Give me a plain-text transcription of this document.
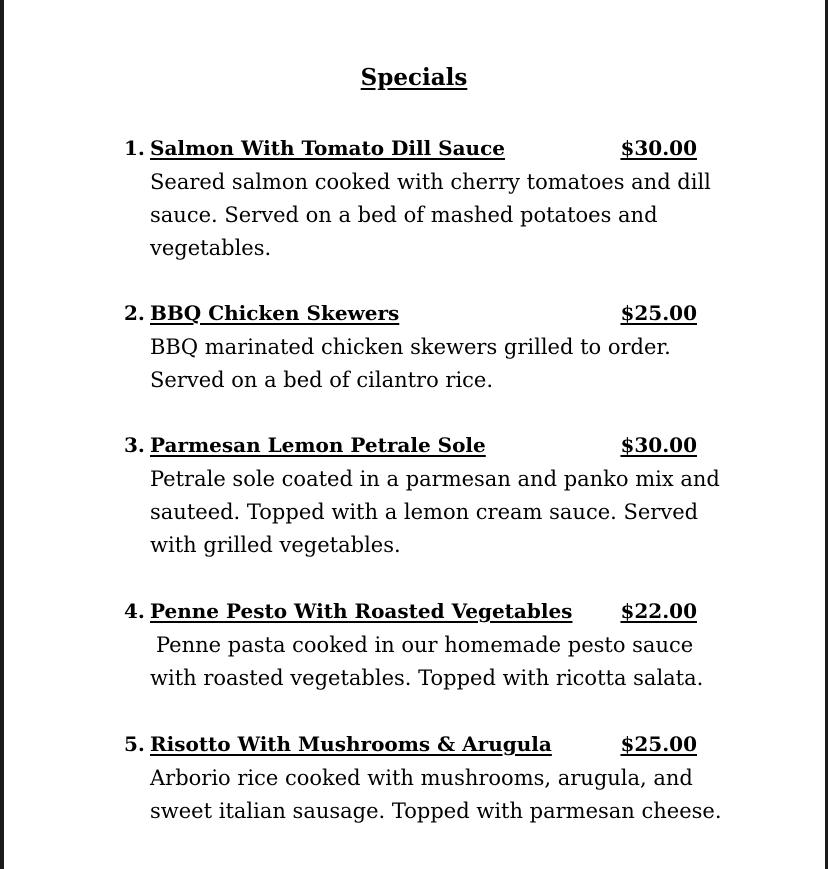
Specials
1. Salmon With Tomato Dill Sauce	$30.00
Seared salmon cooked with cherry tomatoes and dill sauce. Served on a bed of mashed potatoes and vegetables.
2. BBQ Chicken Skewers	$25.00
BBQ marinated chicken skewers grilled to order. Served on a bed of cilantro rice.
3. Parmesan Lemon Petrale Sole	$30.00
Petrale sole coated in a parmesan and panko mix and sauteed. Topped with a lemon cream sauce. Served with grilled vegetables.
4. Penne Pesto With Roasted Vegetables $22.00
Penne pasta cooked in our homemade pesto sauce with roasted vegetables. Topped with ricotta salata.
5. Risotto With Mushrooms & Arugula	$25.00
Arborio rice cooked with mushrooms, arugula, and sweet italian sausage. Topped with parmesan cheese.
